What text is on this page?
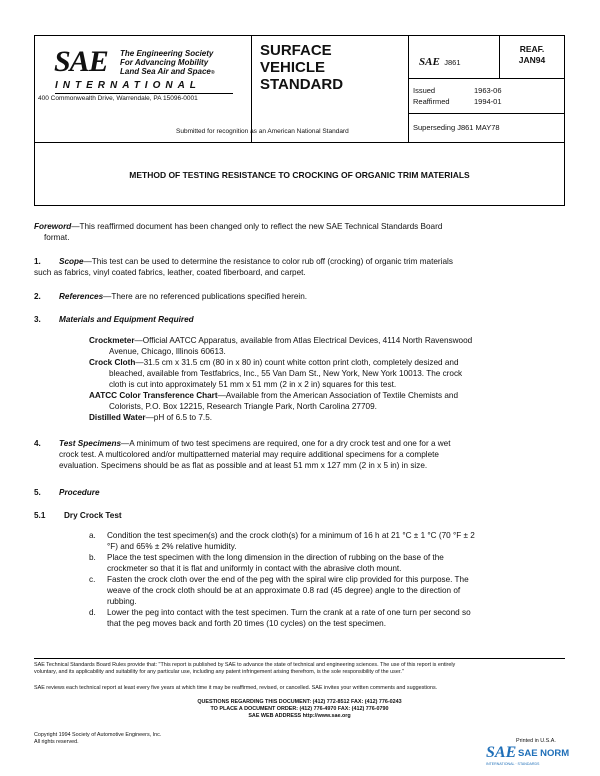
SAE The Engineering Society
For Advancing Mobility
Land Sea Air and Space®
INTERNATIONAL
400 Commonwealth Drive, Warrendale, PA 15096-0001
SURFACE
VEHICLE
STANDARD
SAE J861
REAF.
JAN94
Issued	1963-06
Reaffirmed	1994-01
Superseding J861 MAY78
Submitted for recognition as an American National Standard
METHOD OF TESTING RESISTANCE TO CROCKING OF ORGANIC TRIM MATERIALS
Foreword—This reaffirmed document has been changed only to reflect the new SAE Technical Standards Board
format.
1. Scope—This test can be used to determine the resistance to color rub off (crocking) of organic trim materials
such as fabrics, vinyl coated fabrics, leather, coated fiberboard, and carpet.
2. References—There are no referenced publications specified herein.
3. Materials and Equipment Required
Crockmeter—Official AATCC Apparatus, available from Atlas Electrical Devices, 4114 North Ravenswood
Avenue, Chicago, Illinois 60613.
Crock Cloth—31.5 cm x 31.5 cm (80 in x 80 in) count white cotton print cloth, completely desized and
bleached, available from Testfabrics, Inc., 55 Van Dam St., New York, New York 10013. The crock
cloth is cut into approximately 51 mm x 51 mm (2 in x 2 in) squares for this test.
AATCC Color Transference Chart—Available from the American Association of Textile Chemists and
Colorists, P.O. Box 12215, Research Triangle Park, North Carolina 27709.
Distilled Water—pH of 6.5 to 7.5.
4. Test Specimens—A minimum of two test specimens are required, one for a dry crock test and one for a wet
crock test. A multicolored and/or multipatterned material may require additional specimens for a complete
evaluation. Specimens should be as flat as possible and at least 51 mm x 127 mm (2 in x 5 in) in size.
5. Procedure
5.1 Dry Crock Test
a. Condition the test specimen(s) and the crock cloth(s) for a minimum of 16 h at 21 °C ± 1 °C (70 °F ± 2
°F) and 65% ± 2% relative humidity.
b. Place the test specimen with the long dimension in the direction of rubbing on the base of the
crockmeter so that it is flat and uniformly in contact with the abrasive cloth mount.
c. Fasten the crock cloth over the end of the peg with the spiral wire clip provided for this purpose. The
weave of the crock cloth should be at an approximate 0.8 rad (45 degree) angle to the direction of
rubbing.
d. Lower the peg into contact with the test specimen. Turn the crank at a rate of one turn per second so
that the peg moves back and forth 20 times (10 cycles) on the test specimen.
SAE Technical Standards Board Rules provide that: "This report is published by SAE to advance the state of technical and engineering sciences. The use of this report is entirely
voluntary, and its applicability and suitability for any particular use, including any patent infringement arising therefrom, is the sole responsibility of the user."
SAE reviews each technical report at least every five years at which time it may be reaffirmed, revised, or cancelled. SAE invites your written comments and suggestions.
QUESTIONS REGARDING THIS DOCUMENT: (412) 772-8512 FAX: (412) 776-0243
TO PLACE A DOCUMENT ORDER: (412) 776-4970 FAX: (412) 776-0790
SAE WEB ADDRESS http://www.sae.org
Copyright 1994 Society of Automotive Engineers, Inc.
All rights reserved.	Printed in U.S.A.
SAE SAE NORM
INTERNATIONAL · STANDARDS
